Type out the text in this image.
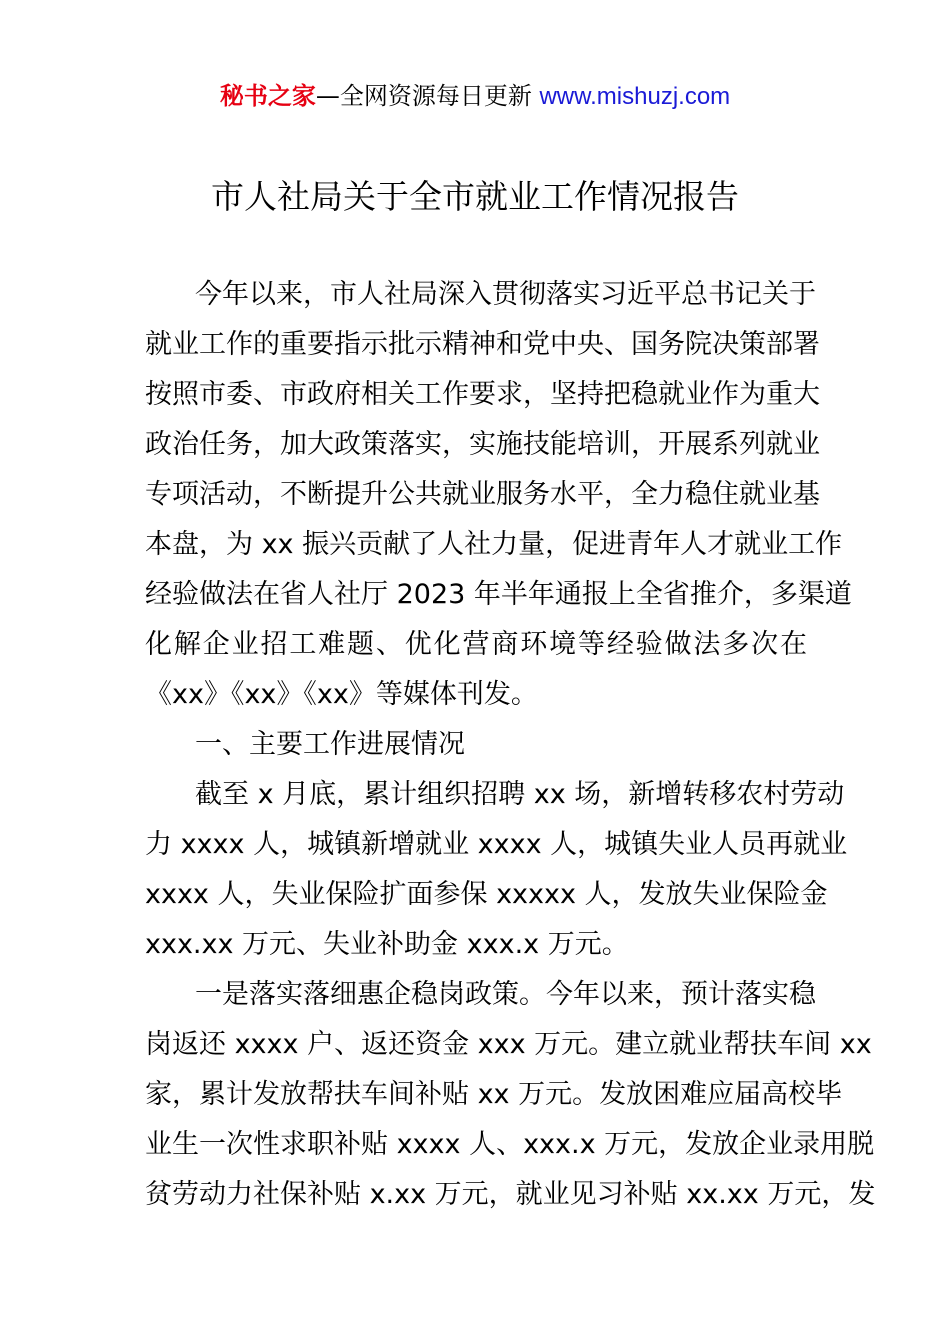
秘书之家—全网资源每日更新 www.mishuzj.com
市人社局关于全市就业工作情况报告
今年以来，市人社局深入贯彻落实习近平总书记关于
就业工作的重要指示批示精神和党中央、国务院决策部署
按照市委、市政府相关工作要求，坚持把稳就业作为重大
政治任务，加大政策落实，实施技能培训，开展系列就业
专项活动，不断提升公共就业服务水平，全力稳住就业基
本盘，为 xx 振兴贡献了人社力量，促进青年人才就业工作
经验做法在省人社厅 2023 年半年通报上全省推介，多渠道
化解企业招工难题、优化营商环境等经验做法多次在
《xx》《xx》《xx》等媒体刊发。
一、主要工作进展情况
截至 x 月底，累计组织招聘 xx 场，新增转移农村劳动
力 xxxx 人，城镇新增就业 xxxx 人，城镇失业人员再就业
xxxx 人，失业保险扩面参保 xxxxx 人，发放失业保险金
xxx.xx 万元、失业补助金 xxx.x 万元。
一是落实落细惠企稳岗政策。今年以来，预计落实稳
岗返还 xxxx 户、返还资金 xxx 万元。建立就业帮扶车间 xx
家，累计发放帮扶车间补贴 xx 万元。发放困难应届高校毕
业生一次性求职补贴 xxxx 人、xxx.x 万元，发放企业录用脱
贫劳动力社保补贴 x.xx 万元，就业见习补贴 xx.xx 万元，发
